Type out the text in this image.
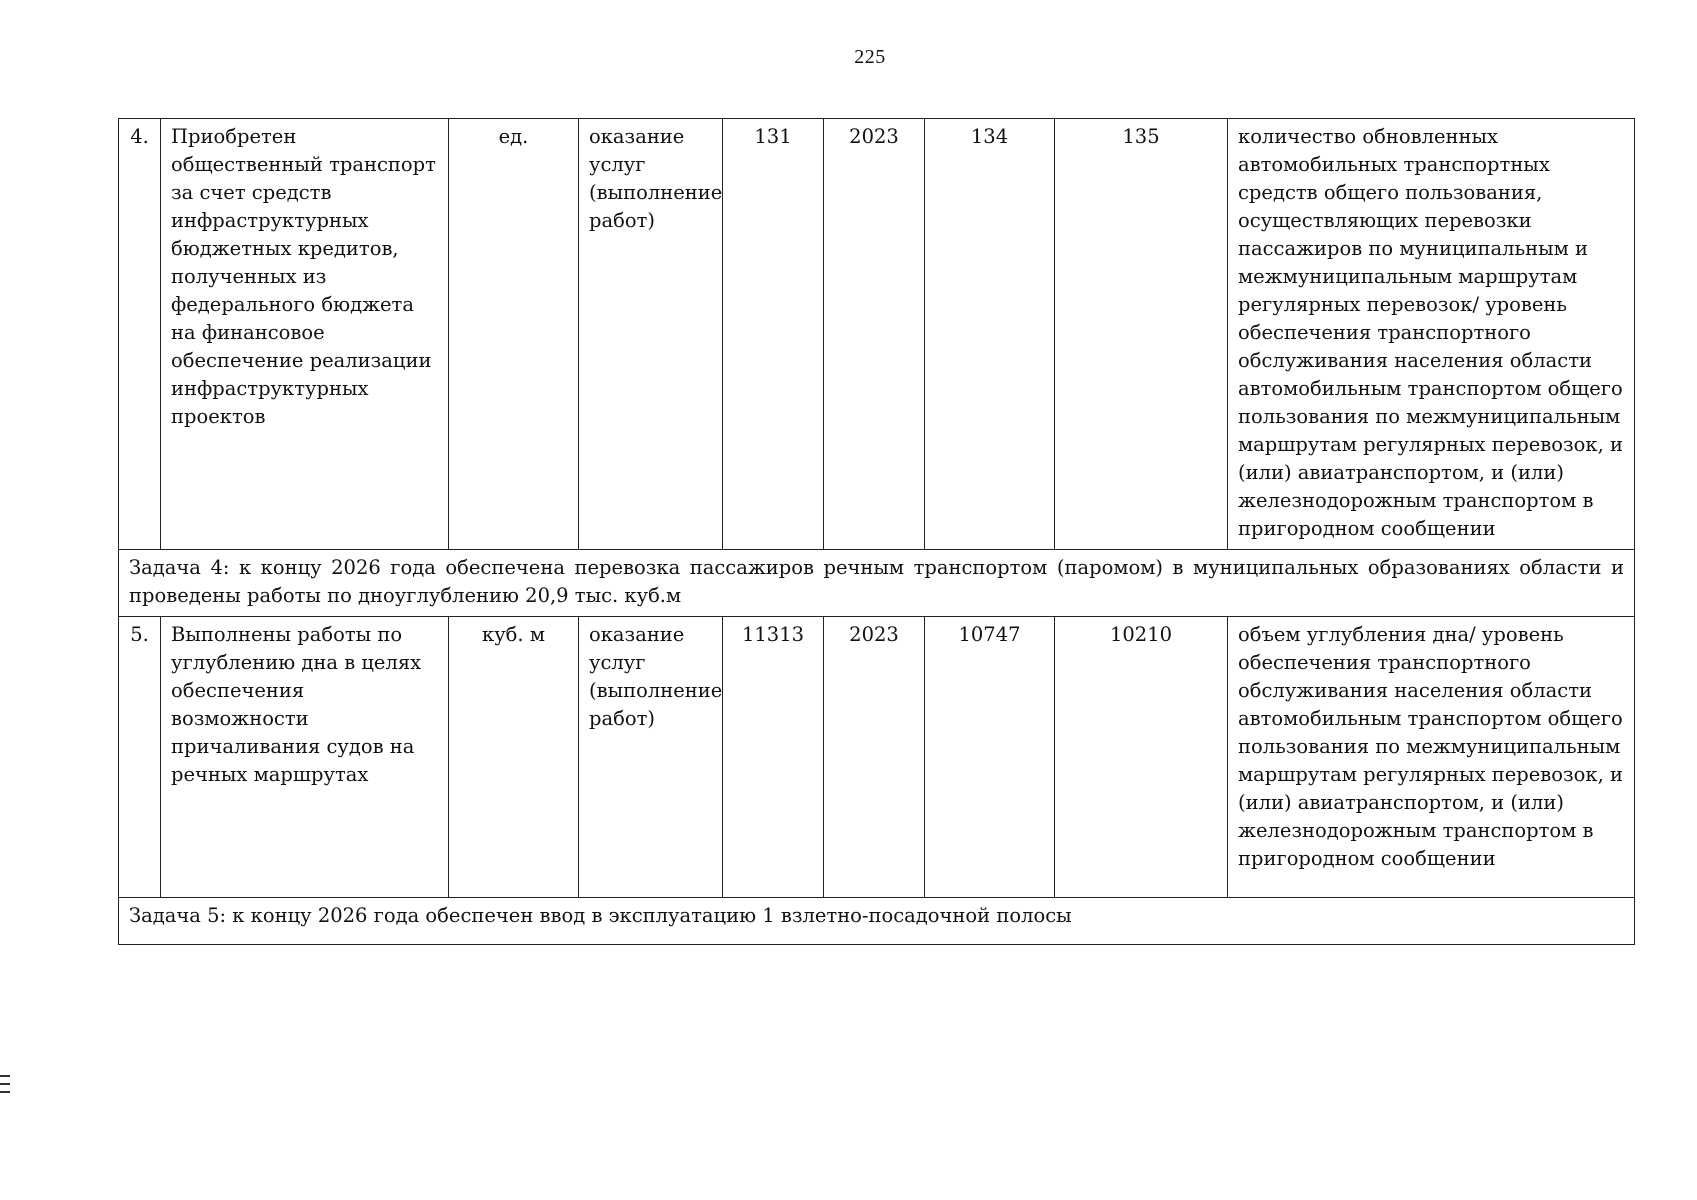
225
4.	Приобретен общественный транспорт за счет средств инфраструктурных бюджетных кредитов, полученных из федерального бюджета на финансовое обеспечение реализации инфраструктурных проектов	ед.	оказание услуг (выполнение работ)	131	2023	134	135	количество обновленных автомобильных транспортных средств общего пользования, осуществляющих перевозки пассажиров по муниципальным и межмуниципальным маршрутам регулярных перевозок/ уровень обеспечения транспортного обслуживания населения области автомобильным транспортом общего пользования по межмуниципальным маршрутам регулярных перевозок, и (или) авиатранспортом, и (или) железнодорожным транспортом в пригородном сообщении
Задача 4: к концу 2026 года обеспечена перевозка пассажиров речным транспортом (паромом) в муниципальных образованиях области и проведены работы по дноуглублению 20,9 тыс. куб.м								
5.	Выполнены работы по углублению дна в целях обеспечения возможности причаливания судов на речных маршрутах	куб. м	оказание услуг (выполнение работ)	11313	2023	10747	10210	объем углубления дна/ уровень обеспечения транспортного обслуживания населения области автомобильным транспортом общего пользования по межмуниципальным маршрутам регулярных перевозок, и (или) авиатранспортом, и (или) железнодорожным транспортом в пригородном сообщении
Задача 5: к концу 2026 года обеспечен ввод в эксплуатацию 1 взлетно-посадочной полосы								
